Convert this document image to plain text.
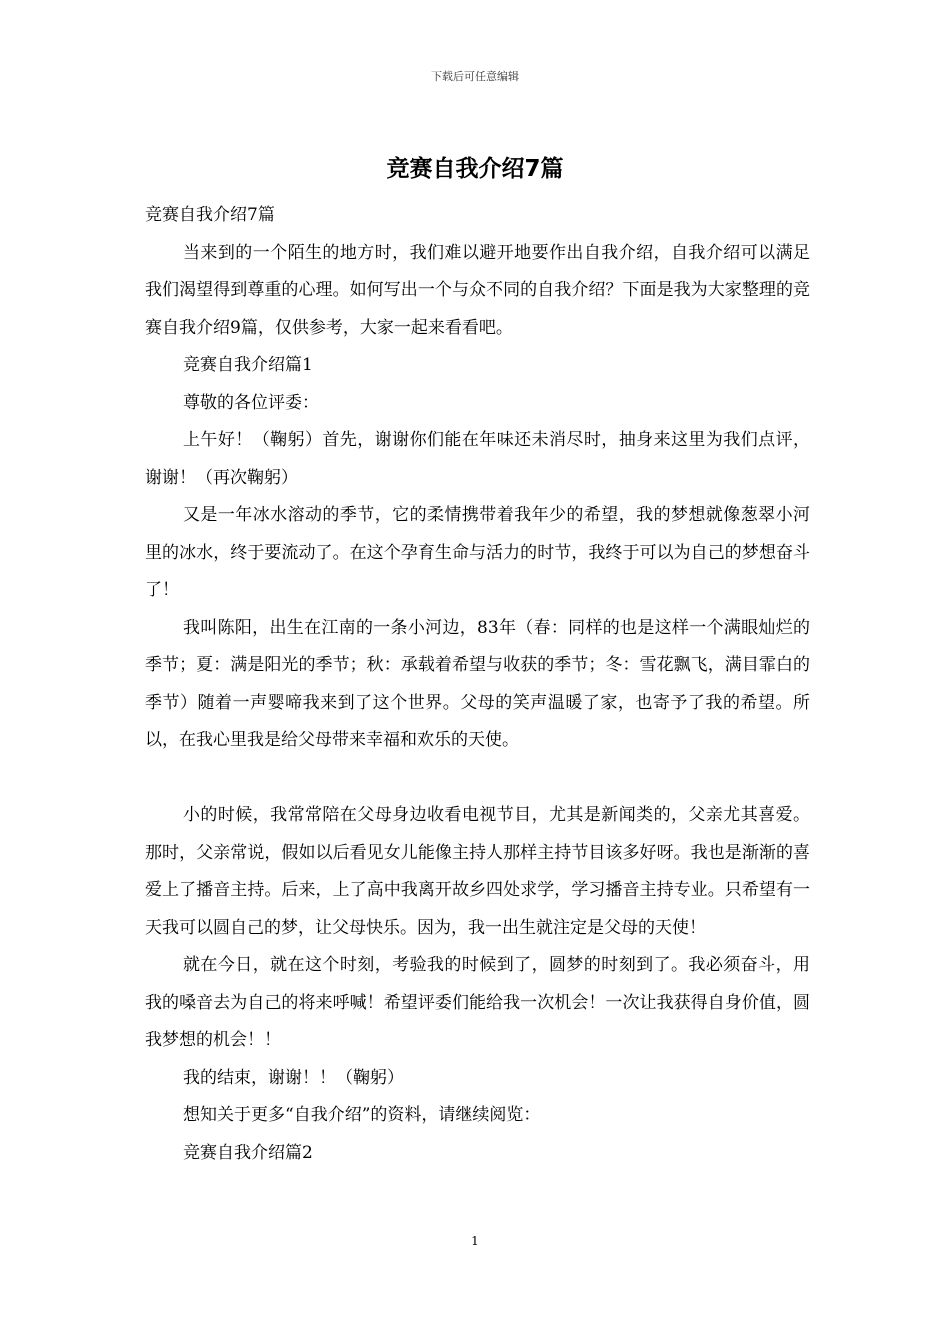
下载后可任意编辑
竞赛自我介绍7篇

竞赛自我介绍7篇

当来到的一个陌生的地方时，我们难以避开地要作出自我介绍，自我介绍可以满足我们渴望得到尊重的心理。如何写出一个与众不同的自我介绍？下面是我为大家整理的竞赛自我介绍9篇，仅供参考，大家一起来看看吧。

竞赛自我介绍篇1

尊敬的各位评委：

上午好！（鞠躬）首先，谢谢你们能在年味还未消尽时，抽身来这里为我们点评，谢谢！（再次鞠躬）

又是一年冰水溶动的季节，它的柔情携带着我年少的希望，我的梦想就像葱翠小河里的冰水，终于要流动了。在这个孕育生命与活力的时节，我终于可以为自己的梦想奋斗了！

我叫陈阳，出生在江南的一条小河边，83年（春：同样的也是这样一个满眼灿烂的季节；夏：满是阳光的季节；秋：承载着希望与收获的季节；冬：雪花飘飞，满目霏白的季节）随着一声婴啼我来到了这个世界。父母的笑声温暖了家，也寄予了我的希望。所以，在我心里我是给父母带来幸福和欢乐的天使。

小的时候，我常常陪在父母身边收看电视节目，尤其是新闻类的，父亲尤其喜爱。那时，父亲常说，假如以后看见女儿能像主持人那样主持节目该多好呀。我也是渐渐的喜爱上了播音主持。后来，上了高中我离开故乡四处求学，学习播音主持专业。只希望有一天我可以圆自己的梦，让父母快乐。因为，我一出生就注定是父母的天使！

就在今日，就在这个时刻，考验我的时候到了，圆梦的时刻到了。我必须奋斗，用我的嗓音去为自己的将来呼喊！希望评委们能给我一次机会！一次让我获得自身价值，圆我梦想的机会！！

我的结束，谢谢！！（鞠躬）

想知关于更多“自我介绍”的资料，请继续阅览：

竞赛自我介绍篇2

1
